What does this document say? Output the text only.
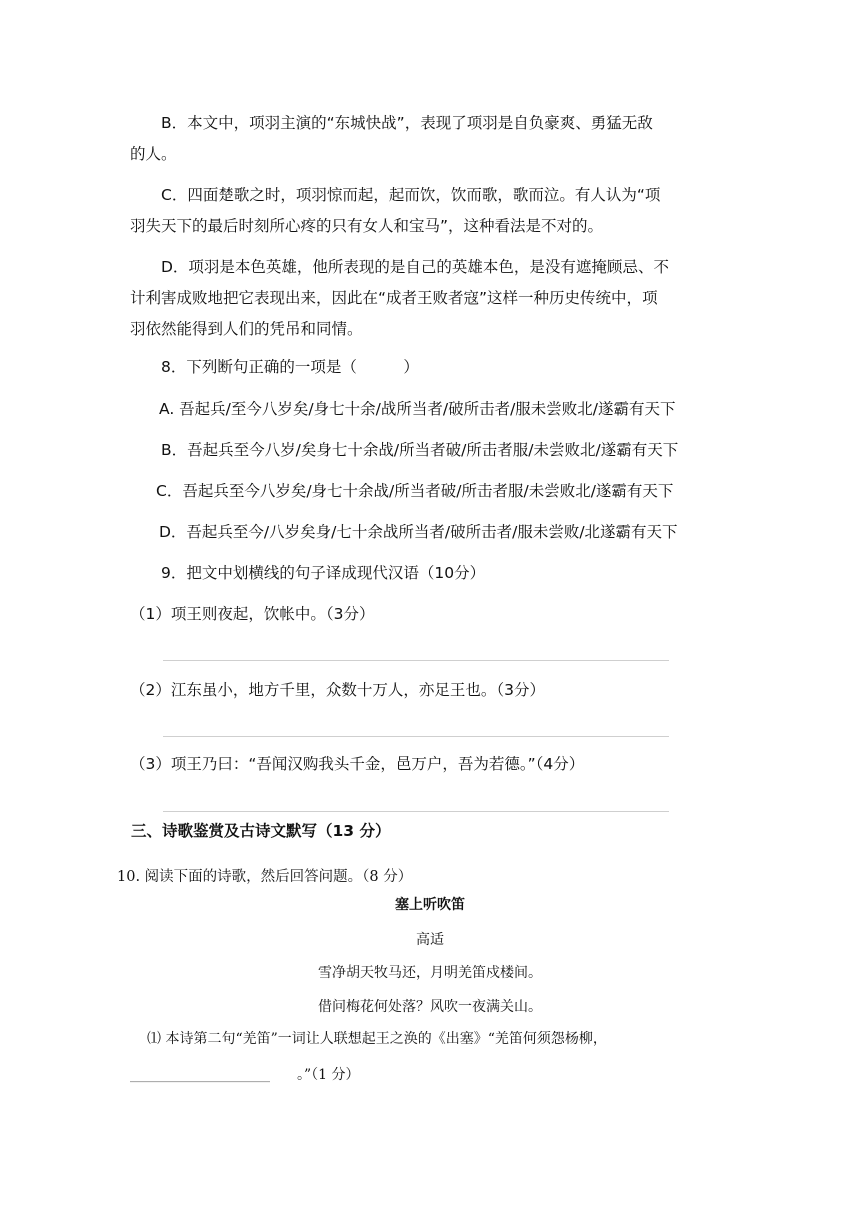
B．本文中，项羽主演的“东城快战”，表现了项羽是自负豪爽、勇猛无敌
的人。
C．四面楚歌之时，项羽惊而起，起而饮，饮而歌，歌而泣。有人认为“项
羽失天下的最后时刻所心疼的只有女人和宝马”，这种看法是不对的。
D．项羽是本色英雄，他所表现的是自己的英雄本色，是没有遮掩顾忌、不
计利害成败地把它表现出来，因此在“成者王败者寇”这样一种历史传统中，项
羽依然能得到人们的凭吊和同情。
8．下列断句正确的一项是（　　　）
A. 吾起兵/至今八岁矣/身七十余/战所当者/破所击者/服未尝败北/遂霸有天下
B．吾起兵至今八岁/矣身七十余战/所当者破/所击者服/未尝败北/遂霸有天下
C．吾起兵至今八岁矣/身七十余战/所当者破/所击者服/未尝败北/遂霸有天下
D．吾起兵至今/八岁矣身/七十余战所当者/破所击者/服未尝败/北遂霸有天下
9．把文中划横线的句子译成现代汉语（10分）
（1）项王则夜起，饮帐中。（3分）
（2）江东虽小，地方千里，众数十万人，亦足王也。（3分）
（3）项王乃曰：“吾闻汉购我头千金，邑万户，吾为若德。”（4分）
三、诗歌鉴赏及古诗文默写（13 分）
10. 阅读下面的诗歌，然后回答问题。（8 分）
塞上听吹笛
高适
雪净胡天牧马还，月明羌笛戍楼间。
借问梅花何处落？风吹一夜满关山。
⑴ 本诗第二句“羌笛”一词让人联想起王之涣的《出塞》“羌笛何须怨杨柳，
____________________ 。”（1 分）
